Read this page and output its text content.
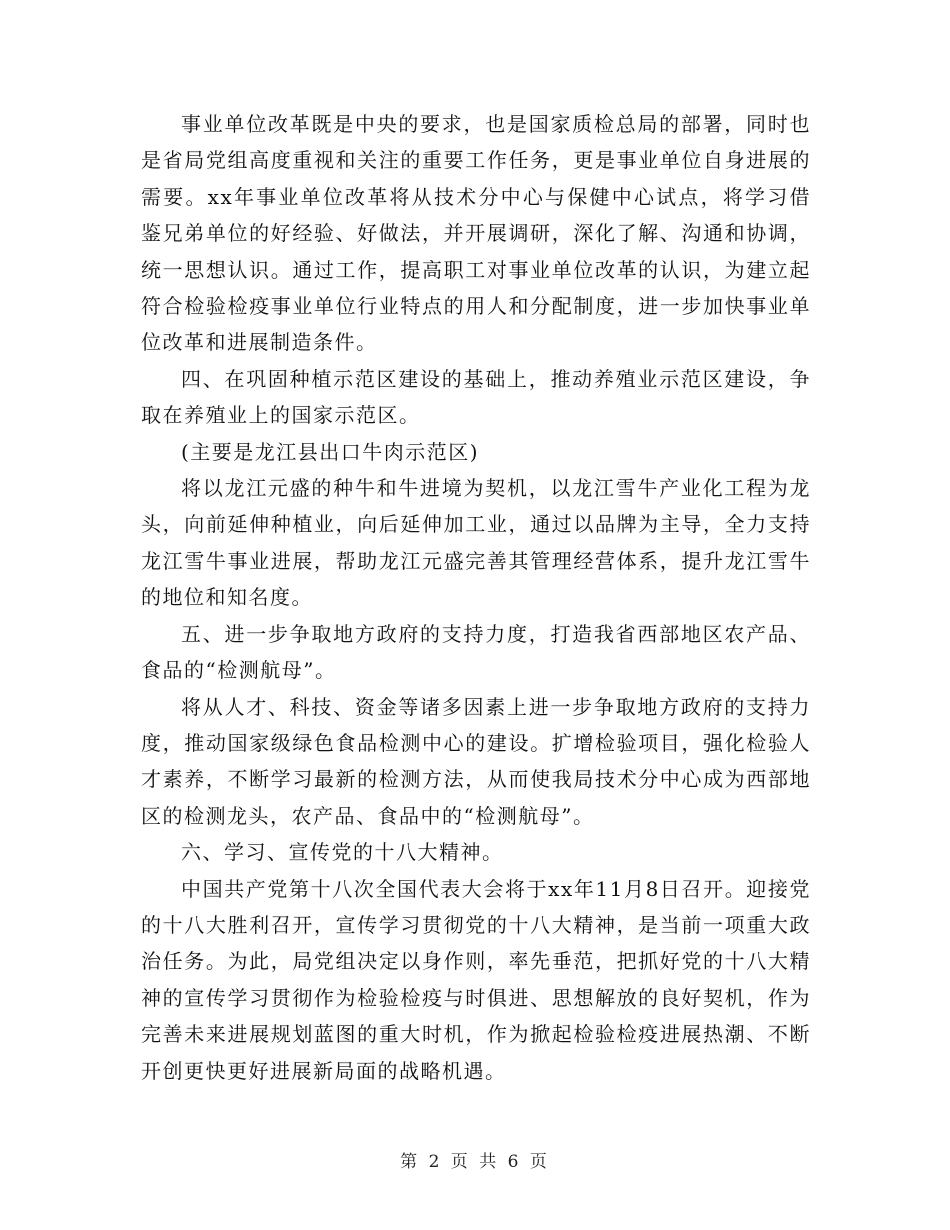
事业单位改革既是中央的要求，也是国家质检总局的部署，同时也是省局党组高度重视和关注的重要工作任务，更是事业单位自身进展的需要。xx年事业单位改革将从技术分中心与保健中心试点，将学习借鉴兄弟单位的好经验、好做法，并开展调研，深化了解、沟通和协调，统一思想认识。通过工作，提高职工对事业单位改革的认识，为建立起符合检验检疫事业单位行业特点的用人和分配制度，进一步加快事业单位改革和进展制造条件。

四、在巩固种植示范区建设的基础上，推动养殖业示范区建设，争取在养殖业上的国家示范区。

(主要是龙江县出口牛肉示范区)

将以龙江元盛的种牛和牛进境为契机，以龙江雪牛产业化工程为龙头，向前延伸种植业，向后延伸加工业，通过以品牌为主导，全力支持龙江雪牛事业进展，帮助龙江元盛完善其管理经营体系，提升龙江雪牛的地位和知名度。

五、进一步争取地方政府的支持力度，打造我省西部地区农产品、食品的“检测航母”。

将从人才、科技、资金等诸多因素上进一步争取地方政府的支持力度，推动国家级绿色食品检测中心的建设。扩增检验项目，强化检验人才素养，不断学习最新的检测方法，从而使我局技术分中心成为西部地区的检测龙头，农产品、食品中的“检测航母”。

六、学习、宣传党的十八大精神。

中国共产党第十八次全国代表大会将于xx年11月8日召开。迎接党的十八大胜利召开，宣传学习贯彻党的十八大精神，是当前一项重大政治任务。为此，局党组决定以身作则，率先垂范，把抓好党的十八大精神的宣传学习贯彻作为检验检疫与时俱进、思想解放的良好契机，作为完善未来进展规划蓝图的重大时机，作为掀起检验检疫进展热潮、不断开创更快更好进展新局面的战略机遇。

第 2 页 共 6 页
